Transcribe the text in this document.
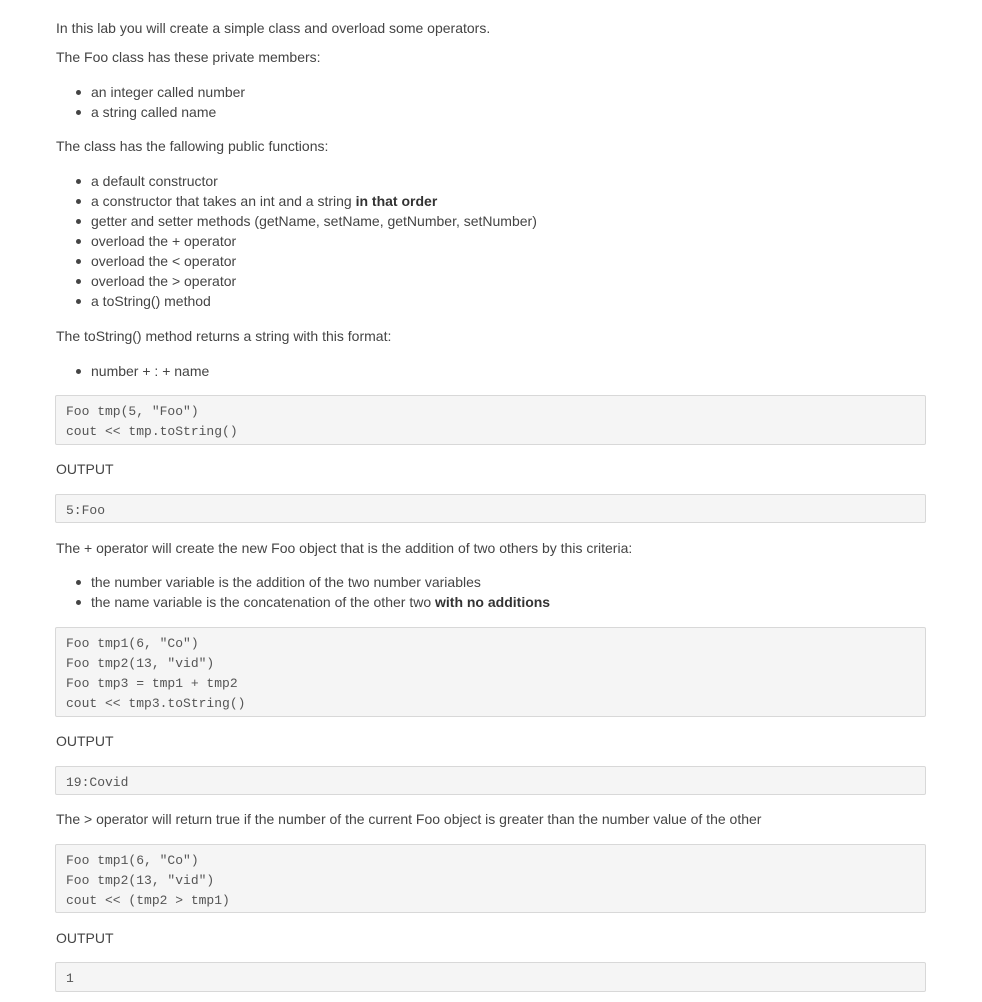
In this lab you will create a simple class and overload some operators.

The Foo class has these private members:

an integer called number
a string called name

The class has the fallowing public functions:

a default constructor
a constructor that takes an int and a string in that order
getter and setter methods (getName, setName, getNumber, setNumber)
overload the + operator
overload the < operator
overload the > operator
a toString() method

The toString() method returns a string with this format:

number + : + name
Foo tmp(5, "Foo")
cout << tmp.toString()

OUTPUT

5:Foo

The + operator will create the new Foo object that is the addition of two others by this criteria:

the number variable is the addition of the two number variables
the name variable is the concatenation of the other two with no additions
Foo tmp1(6, "Co")
Foo tmp2(13, "vid")
Foo tmp3 = tmp1 + tmp2
cout << tmp3.toString()

OUTPUT

19:Covid

The > operator will return true if the number of the current Foo object is greater than the number value of the other

Foo tmp1(6, "Co")
Foo tmp2(13, "vid")
cout << (tmp2 > tmp1)

OUTPUT

1
